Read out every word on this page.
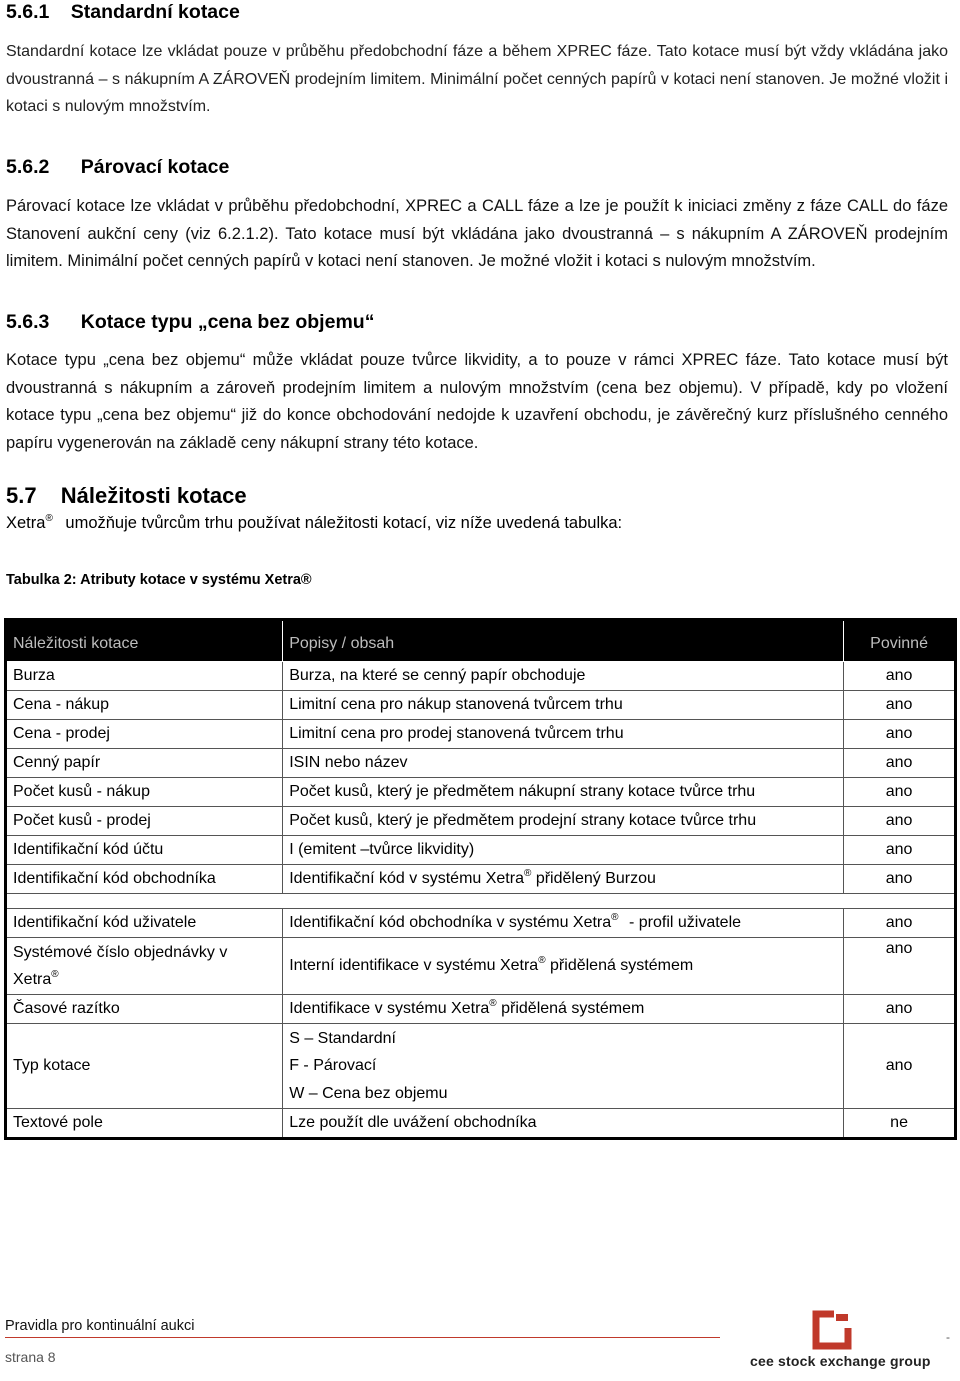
5.6.1 Standardní kotace
Standardní kotace lze vkládat pouze v průběhu předobchodní fáze a během XPREC fáze. Tato kotace musí být vždy vkládána jako dvoustranná – s nákupním A ZÁROVEŇ prodejním limitem. Minimální počet cenných papírů v kotaci není stanoven. Je možné vložit i kotaci s nulovým množstvím.
5.6.2 Párovací kotace
Párovací kotace lze vkládat v průběhu předobchodní, XPREC a CALL fáze a lze je použít k iniciaci změny z fáze CALL do fáze Stanovení aukční ceny (viz 6.2.1.2). Tato kotace musí být vkládána jako dvoustranná – s nákupním A ZÁROVEŇ prodejním limitem. Minimální počet cenných papírů v kotaci není stanoven. Je možné vložit i kotaci s nulovým množstvím.
5.6.3 Kotace typu „cena bez objemu“
Kotace typu „cena bez objemu“ může vkládat pouze tvůrce likvidity, a to pouze v rámci XPREC fáze. Tato kotace musí být dvoustranná s nákupním a zároveň prodejním limitem a nulovým množstvím (cena bez objemu). V případě, kdy po vložení kotace typu „cena bez objemu“ již do konce obchodování nedojde k uzavření obchodu, je závěrečný kurz příslušného cenného papíru vygenerován na základě ceny nákupní strany této kotace.
5.7 Náležitosti kotace
Xetra® umožňuje tvůrcům trhu používat náležitosti kotací, viz níže uvedená tabulka:
Tabulka 2: Atributy kotace v systému Xetra®
Náležitosti kotace	Popisy / obsah	Povinné
Burza	Burza, na které se cenný papír obchoduje	ano
Cena - nákup	Limitní cena pro nákup stanovená tvůrcem trhu	ano
Cena - prodej	Limitní cena pro prodej stanovená tvůrcem trhu	ano
Cenný papír	ISIN nebo název	ano
Počet kusů - nákup	Počet kusů, který je předmětem nákupní strany kotace tvůrce trhu	ano
Počet kusů - prodej	Počet kusů, který je předmětem prodejní strany kotace tvůrce trhu	ano
Identifikační kód účtu	I (emitent –tvůrce likvidity)	ano
Identifikační kód obchodníka	Identifikační kód v systému Xetra® přidělený Burzou	ano

Identifikační kód uživatele	Identifikační kód obchodníka v systému Xetra® - profil uživatele	ano
Systémové číslo objednávky v
Xetra®	Interní identifikace v systému Xetra® přidělená systémem	ano
Časové razítko	Identifikace v systému Xetra® přidělená systémem	ano
Typ kotace	S – Standardní
F - Párovací
W – Cena bez objemu	ano
Textové pole	Lze použít dle uvážení obchodníka	ne
Pravidla pro kontinuální aukci
strana 8
-
cee stock exchange group
